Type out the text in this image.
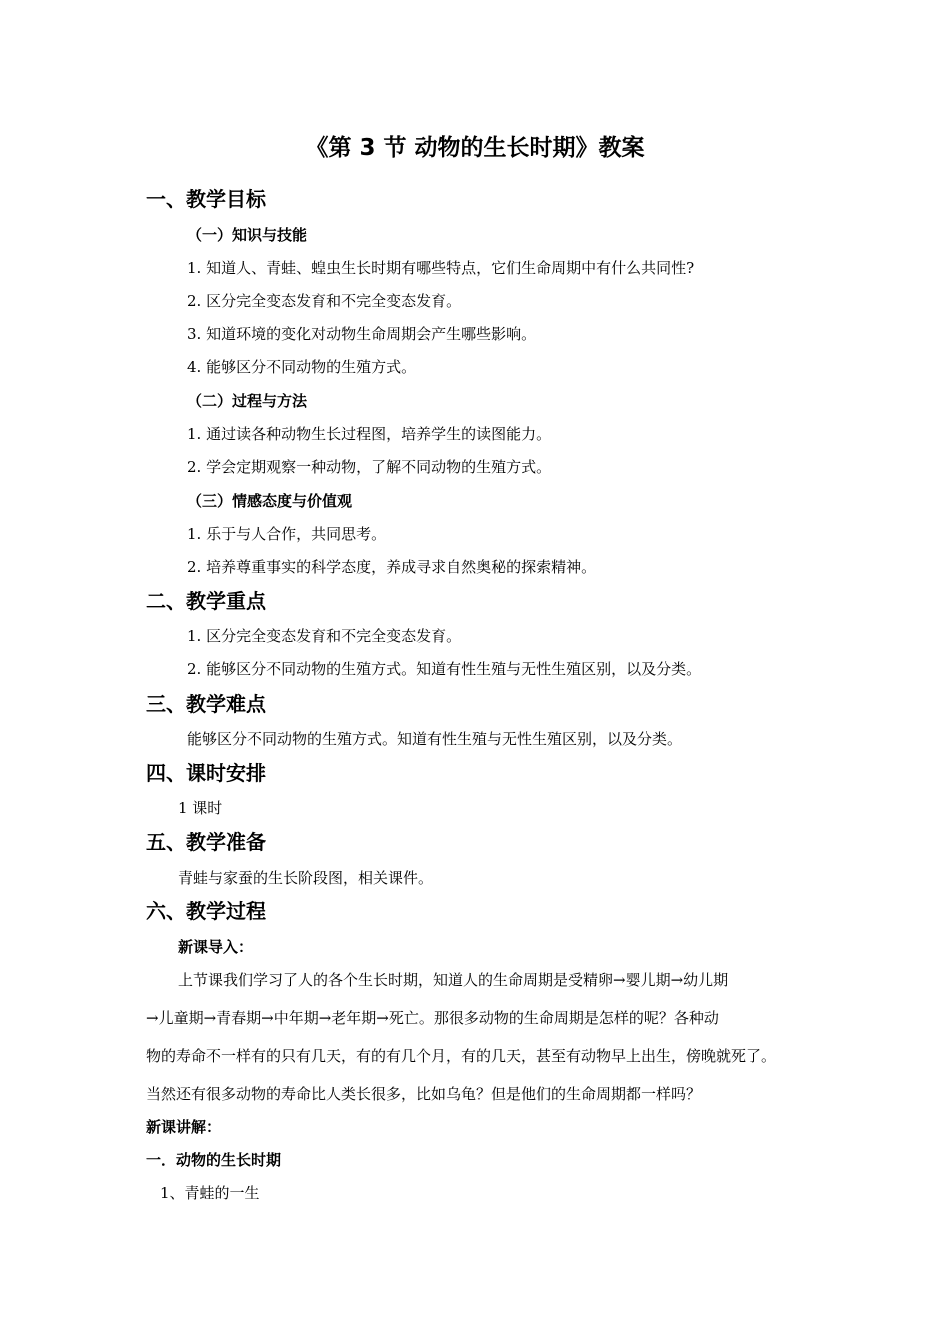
《第 3 节 动物的生长时期》教案
一、教学目标
（一）知识与技能
1. 知道人、青蛙、蝗虫生长时期有哪些特点，它们生命周期中有什么共同性?
2. 区分完全变态发育和不完全变态发育。
3. 知道环境的变化对动物生命周期会产生哪些影响。
4. 能够区分不同动物的生殖方式。
（二）过程与方法
1. 通过读各种动物生长过程图，培养学生的读图能力。
2. 学会定期观察一种动物，了解不同动物的生殖方式。
（三）情感态度与价值观
1. 乐于与人合作，共同思考。
2. 培养尊重事实的科学态度，养成寻求自然奥秘的探索精神。
二、教学重点
1. 区分完全变态发育和不完全变态发育。
2. 能够区分不同动物的生殖方式。知道有性生殖与无性生殖区别，以及分类。
三、教学难点
能够区分不同动物的生殖方式。知道有性生殖与无性生殖区别，以及分类。
四、课时安排
1 课时
五、教学准备
青蛙与家蚕的生长阶段图，相关课件。
六、教学过程
新课导入：
上节课我们学习了人的各个生长时期，知道人的生命周期是受精卵→婴儿期→幼儿期
→儿童期→青春期→中年期→老年期→死亡。那很多动物的生命周期是怎样的呢？各种动
物的寿命不一样有的只有几天，有的有几个月，有的几天，甚至有动物早上出生，傍晚就死了。
当然还有很多动物的寿命比人类长很多，比如乌龟？但是他们的生命周期都一样吗？
新课讲解：
一．动物的生长时期
1、青蛙的一生
